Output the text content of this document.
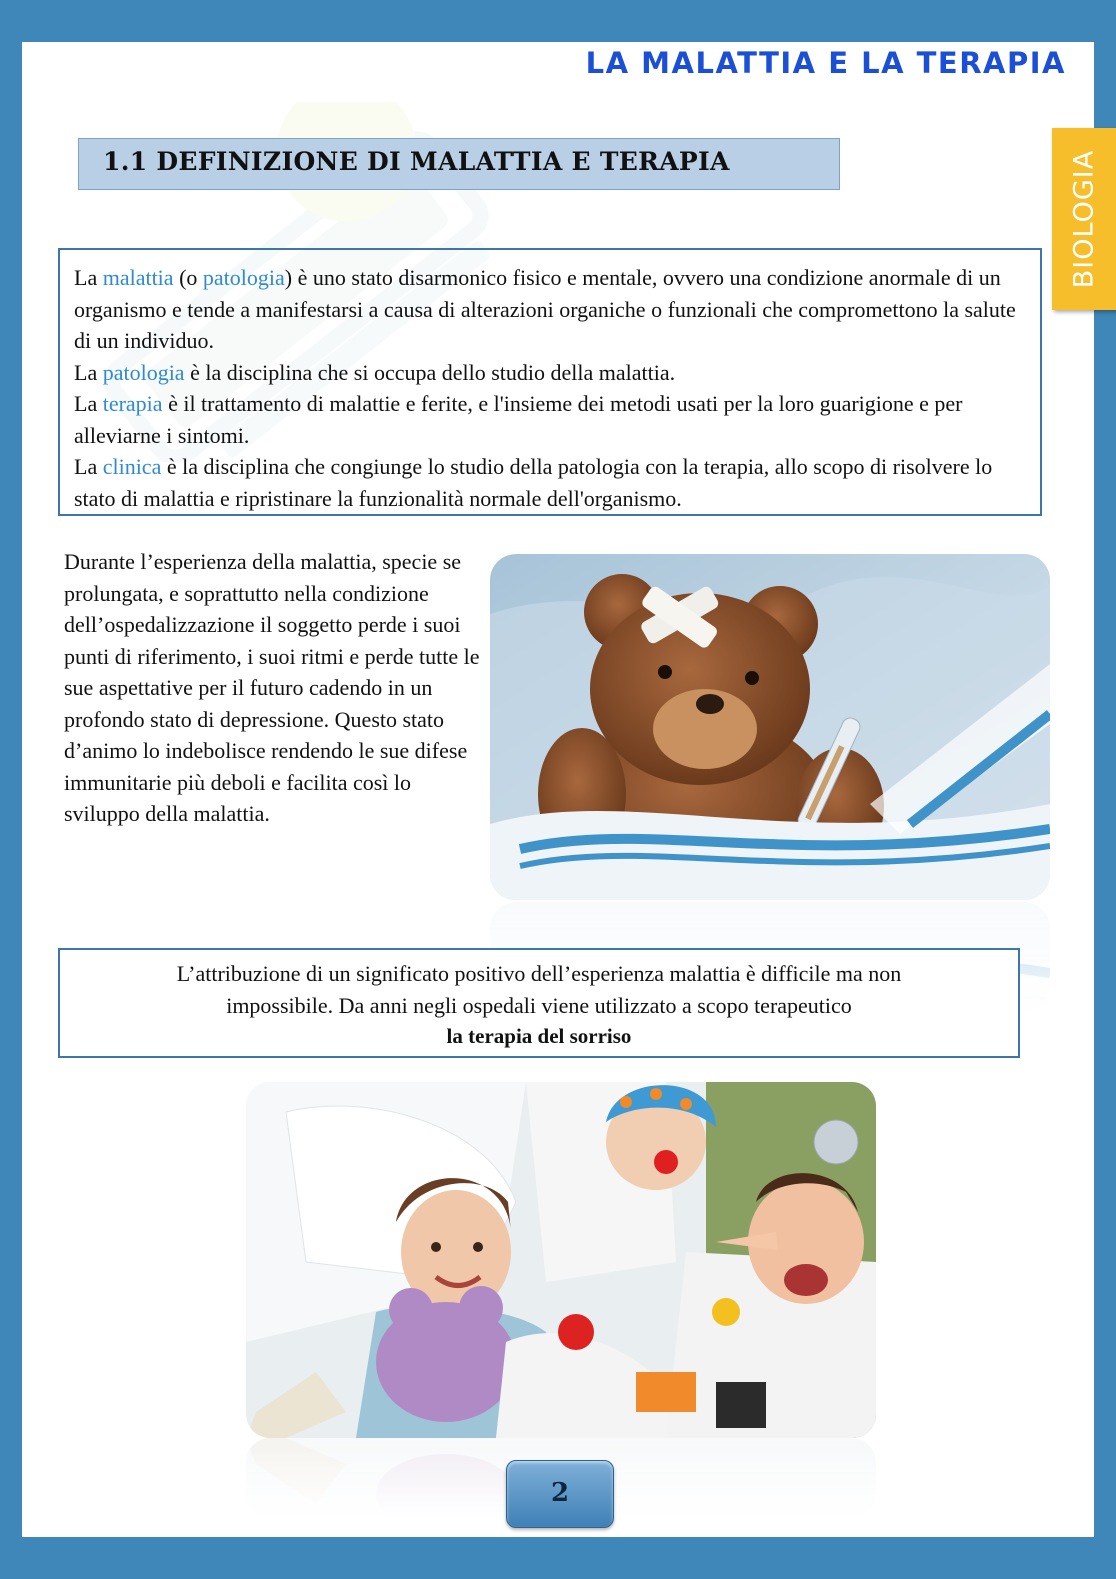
LA MALATTIA E LA TERAPIA
1.1 DEFINIZIONE DI MALATTIA E TERAPIA
La malattia (o patologia) è uno stato disarmonico fisico e mentale, ovvero una condizione anormale di un organismo e tende a manifestarsi a causa di alterazioni organiche o funzionali che compromettono la salute di un individuo.
La patologia è la disciplina che si occupa dello studio della malattia.
La terapia è il trattamento di malattie e ferite, e l'insieme dei metodi usati per la loro guarigione e per alleviarne i sintomi.
La clinica è la disciplina che congiunge lo studio della patologia con la terapia, allo scopo di risolvere lo stato di malattia e ripristinare la funzionalità normale dell'organismo.
Durante l’esperienza della malattia, specie se prolungata, e soprattutto nella condizione dell’ospedalizzazione il soggetto perde i suoi punti di riferimento, i suoi ritmi e perde tutte le sue aspettative per il futuro cadendo in un profondo stato di depressione. Questo stato d’animo lo indebolisce rendendo le sue difese immunitarie più deboli e facilita così lo sviluppo della malattia.
L’attribuzione di un significato positivo dell’esperienza malattia è difficile ma non
impossibile. Da anni negli ospedali viene utilizzato a scopo terapeutico
la terapia del sorriso
2
BIOLOGIA
